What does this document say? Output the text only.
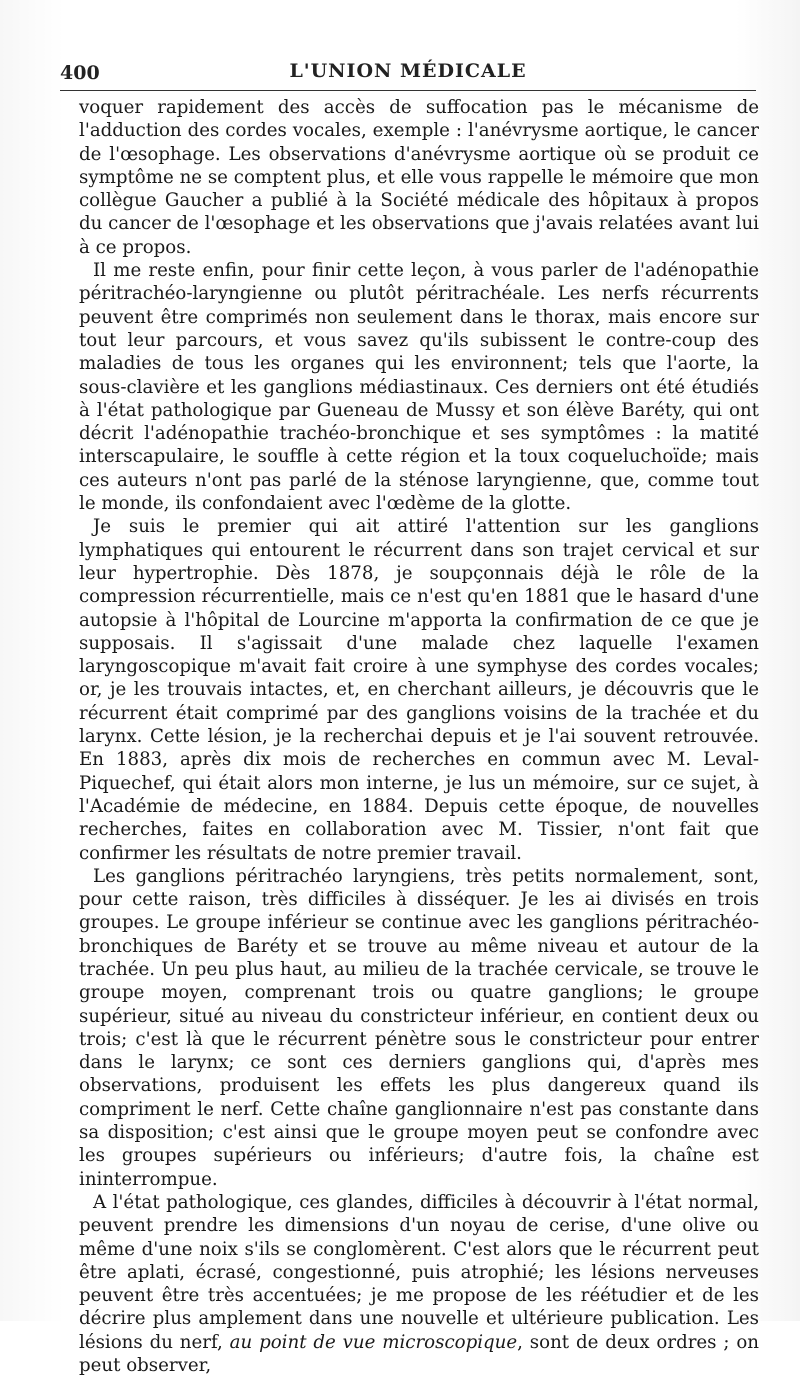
400	L'UNION MÉDICALE

voquer rapidement des accès de suffocation pas le mécanisme de l'adduction des cordes vocales, exemple : l'anévrysme aortique, le cancer de l'œsophage. Les observations d'anévrysme aortique où se produit ce symptôme ne se comptent plus, et elle vous rappelle le mémoire que mon collègue Gaucher a publié à la Société médicale des hôpitaux à propos du cancer de l'œsophage et les observations que j'avais relatées avant lui à ce propos.

Il me reste enfin, pour finir cette leçon, à vous parler de l'adénopathie péritrachéo-laryngienne ou plutôt péritrachéale. Les nerfs récurrents peuvent être comprimés non seulement dans le thorax, mais encore sur tout leur parcours, et vous savez qu'ils subissent le contre-coup des maladies de tous les organes qui les environnent; tels que l'aorte, la sous-clavière et les ganglions médiastinaux. Ces derniers ont été étudiés à l'état pathologique par Gueneau de Mussy et son élève Baréty, qui ont décrit l'adénopathie trachéo-bronchique et ses symptômes : la matité interscapulaire, le souffle à cette région et la toux coqueluchoïde; mais ces auteurs n'ont pas parlé de la sténose laryngienne, que, comme tout le monde, ils confondaient avec l'œdème de la glotte.

Je suis le premier qui ait attiré l'attention sur les ganglions lymphatiques qui entourent le récurrent dans son trajet cervical et sur leur hypertrophie. Dès 1878, je soupçonnais déjà le rôle de la compression récurrentielle, mais ce n'est qu'en 1881 que le hasard d'une autopsie à l'hôpital de Lourcine m'apporta la confirmation de ce que je supposais. Il s'agissait d'une malade chez laquelle l'examen laryngoscopique m'avait fait croire à une symphyse des cordes vocales; or, je les trouvais intactes, et, en cherchant ailleurs, je découvris que le récurrent était comprimé par des ganglions voisins de la trachée et du larynx. Cette lésion, je la recherchai depuis et je l'ai souvent retrouvée. En 1883, après dix mois de recherches en commun avec M. Leval-Piquechef, qui était alors mon interne, je lus un mémoire, sur ce sujet, à l'Académie de médecine, en 1884. Depuis cette époque, de nouvelles recherches, faites en collaboration avec M. Tissier, n'ont fait que confirmer les résultats de notre premier travail.

Les ganglions péritrachéo laryngiens, très petits normalement, sont, pour cette raison, très difficiles à disséquer. Je les ai divisés en trois groupes. Le groupe inférieur se continue avec les ganglions péritrachéo-bronchiques de Baréty et se trouve au même niveau et autour de la trachée. Un peu plus haut, au milieu de la trachée cervicale, se trouve le groupe moyen, comprenant trois ou quatre ganglions; le groupe supérieur, situé au niveau du constricteur inférieur, en contient deux ou trois; c'est là que le récurrent pénètre sous le constricteur pour entrer dans le larynx; ce sont ces derniers ganglions qui, d'après mes observations, produisent les effets les plus dangereux quand ils compriment le nerf. Cette chaîne ganglionnaire n'est pas constante dans sa disposition; c'est ainsi que le groupe moyen peut se confondre avec les groupes supérieurs ou inférieurs; d'autre fois, la chaîne est ininterrompue.

A l'état pathologique, ces glandes, difficiles à découvrir à l'état normal, peuvent prendre les dimensions d'un noyau de cerise, d'une olive ou même d'une noix s'ils se conglomèrent. C'est alors que le récurrent peut être aplati, écrasé, congestionné, puis atrophié; les lésions nerveuses peuvent être très accentuées; je me propose de les réétudier et de les décrire plus amplement dans une nouvelle et ultérieure publication. Les lésions du nerf, au point de vue microscopique, sont de deux ordres ; on peut observer,
